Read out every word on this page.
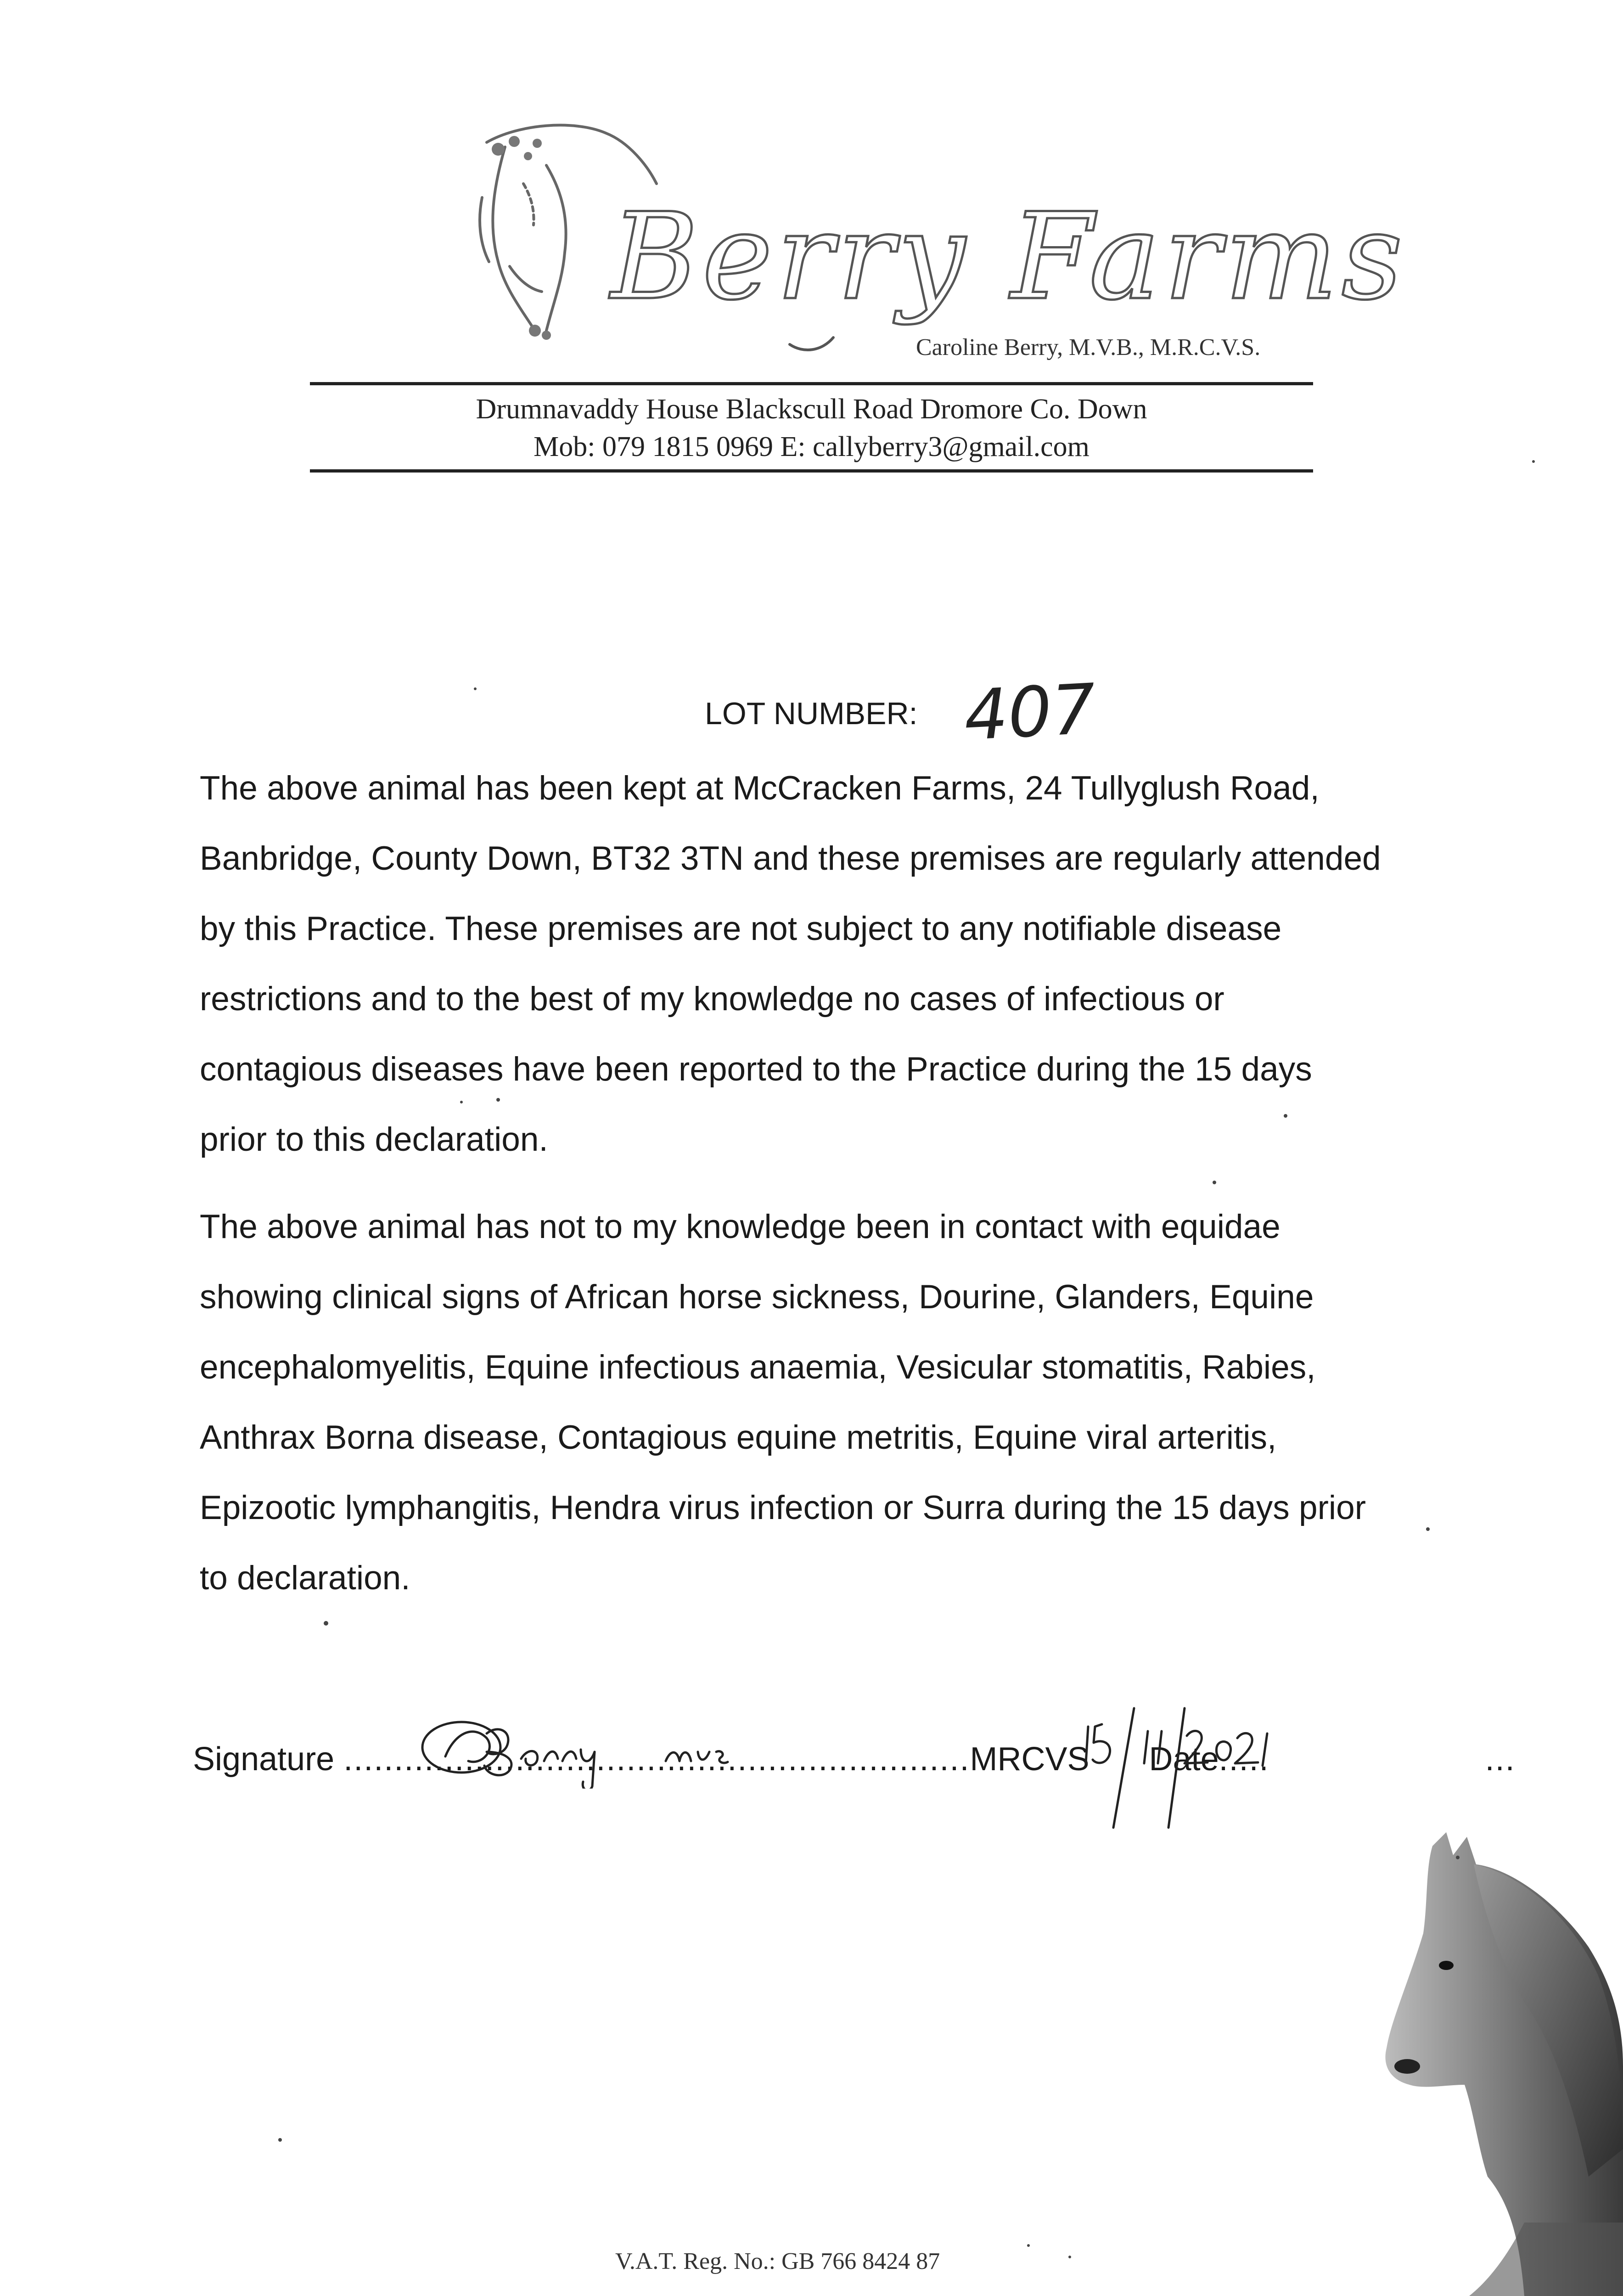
Berry Farms
Caroline Berry, M.V.B., M.R.C.V.S.
Drumnavaddy House Blackscull Road Dromore Co. Down
Mob: 079 1815 0969 E: callyberry3@gmail.com
LOT NUMBER: 407
The above animal has been kept at McCracken Farms, 24 Tullyglush Road,
Banbridge, County Down, BT32 3TN and these premises are regularly attended
by this Practice. These premises are not subject to any notifiable disease
restrictions and to the best of my knowledge no cases of infectious or
contagious diseases have been reported to the Practice during the 15 days
prior to this declaration.
The above animal has not to my knowledge been in contact with equidae
showing clinical signs of African horse sickness, Dourine, Glanders, Equine
encephalomyelitis, Equine infectious anaemia, Vesicular stomatitis, Rabies,
Anthrax Borna disease, Contagious equine metritis, Equine viral arteritis,
Epizootic lymphangitis, Hendra virus infection or Surra during the 15 days prior
to declaration.
Signature ..............................................................MRCVS Date.....	...
V.A.T. Reg. No.: GB 766 8424 87
